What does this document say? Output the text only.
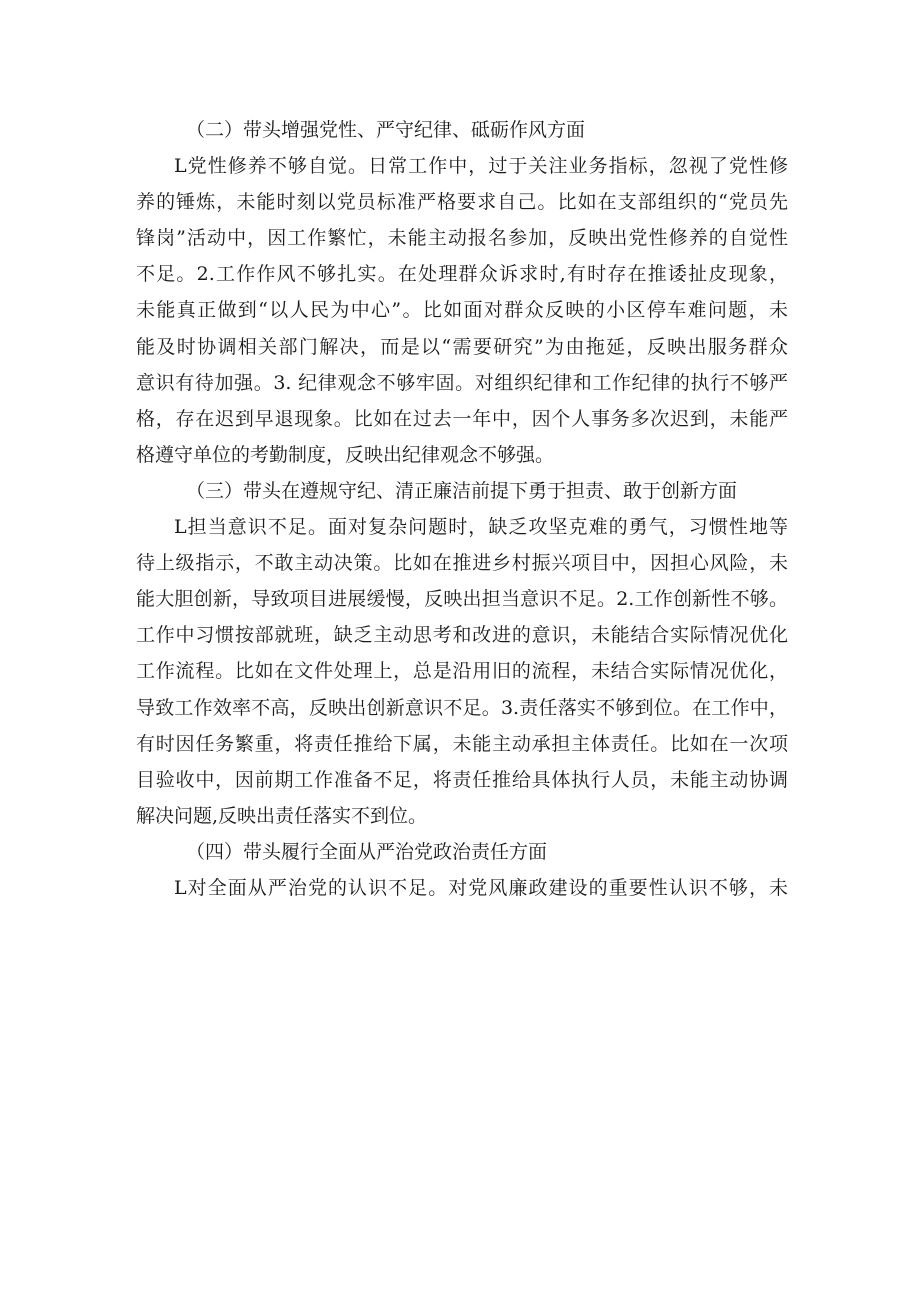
（二）带头增强党性、严守纪律、砥砺作风方面
L党性修养不够自觉。日常工作中，过于关注业务指标，忽视了党性修
养的锤炼，未能时刻以党员标准严格要求自己。比如在支部组织的“党员先
锋岗”活动中，因工作繁忙，未能主动报名参加，反映出党性修养的自觉性
不足。2.工作作风不够扎实。在处理群众诉求时,有时存在推诿扯皮现象，
未能真正做到“以人民为中心”。比如面对群众反映的小区停车难问题，未
能及时协调相关部门解决，而是以“需要研究”为由拖延，反映出服务群众
意识有待加强。3. 纪律观念不够牢固。对组织纪律和工作纪律的执行不够严
格，存在迟到早退现象。比如在过去一年中，因个人事务多次迟到，未能严
格遵守单位的考勤制度，反映出纪律观念不够强。
（三）带头在遵规守纪、清正廉洁前提下勇于担责、敢于创新方面
L担当意识不足。面对复杂问题时，缺乏攻坚克难的勇气，习惯性地等
待上级指示，不敢主动决策。比如在推进乡村振兴项目中，因担心风险，未
能大胆创新，导致项目进展缓慢，反映出担当意识不足。2.工作创新性不够。
工作中习惯按部就班，缺乏主动思考和改进的意识，未能结合实际情况优化
工作流程。比如在文件处理上，总是沿用旧的流程，未结合实际情况优化，
导致工作效率不高，反映出创新意识不足。3.责任落实不够到位。在工作中，
有时因任务繁重，将责任推给下属，未能主动承担主体责任。比如在一次项
目验收中，因前期工作准备不足，将责任推给具体执行人员，未能主动协调
解决问题,反映出责任落实不到位。
（四）带头履行全面从严治党政治责任方面
L对全面从严治党的认识不足。对党风廉政建设的重要性认识不够，未
